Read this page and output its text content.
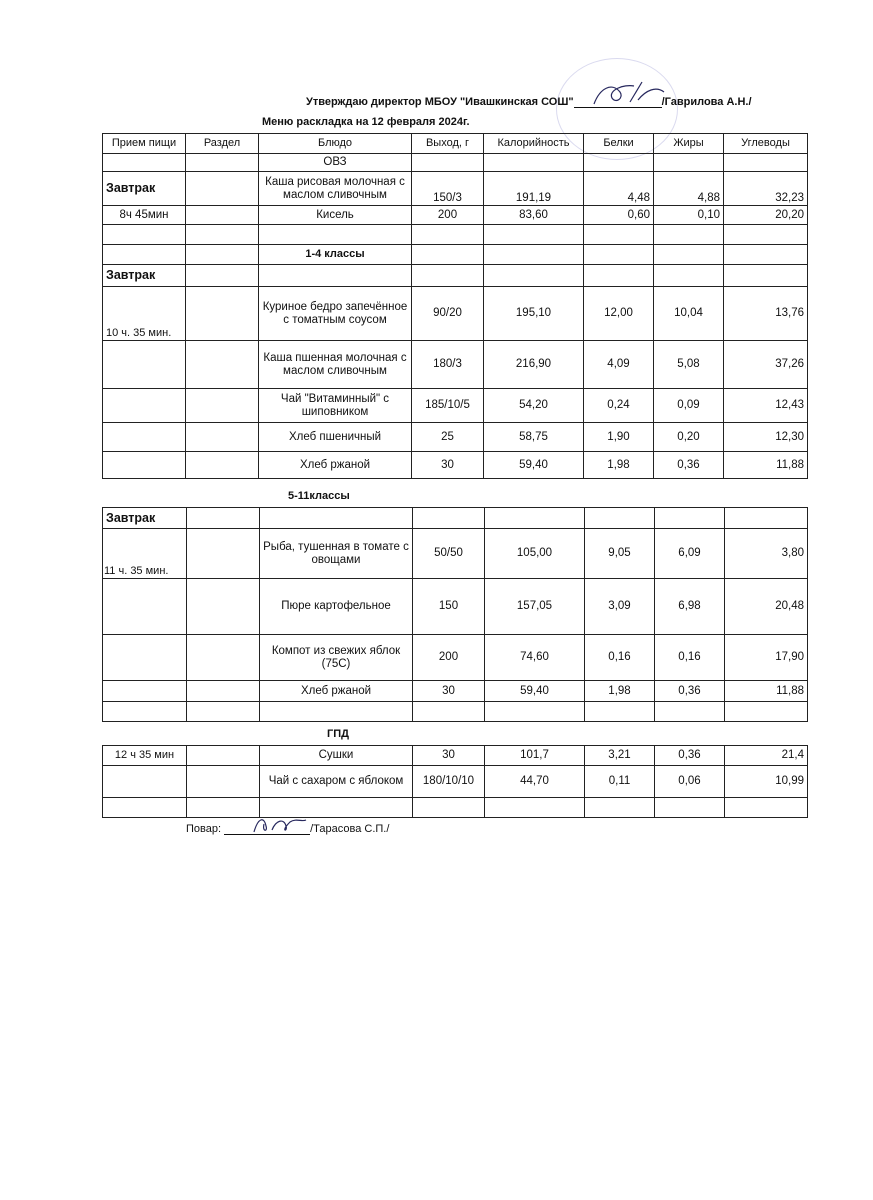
Утверждаю директор МБОУ "Ивашкинская СОШ"	/Гаврилова А.Н./
Меню раскладка на 12 февраля 2024г.
Прием пищи	Раздел	Блюдо	Выход, г	Калорийность	Белки	Жиры	Углеводы
		ОВЗ					
Завтрак		Каша рисовая молочная с маслом сливочным	150/3	191,19	4,48	4,88	32,23
8ч 45мин		Кисель	200	83,60	0,60	0,10	20,20

		1-4 классы					
Завтрак							
10 ч. 35 мин.		Куриное бедро запечённое с томатным соусом	90/20	195,10	12,00	10,04	13,76
		Каша пшенная молочная с маслом сливочным	180/3	216,90	4,09	5,08	37,26
		Чай "Витаминный" с шиповником	185/10/5	54,20	0,24	0,09	12,43
		Хлеб пшеничный	25	58,75	1,90	0,20	12,30
		Хлеб ржаной	30	59,40	1,98	0,36	11,88
5-11классы
Завтрак							
11 ч. 35 мин.		Рыба, тушенная в томате с овощами	50/50	105,00	9,05	6,09	3,80
		Пюре картофельное	150	157,05	3,09	6,98	20,48
		Компот из свежих яблок (75С)	200	74,60	0,16	0,16	17,90
		Хлеб ржаной	30	59,40	1,98	0,36	11,88

ГПД
12 ч 35 мин		Сушки	30	101,7	3,21	0,36	21,4
		Чай с сахаром с яблоком	180/10/10	44,70	0,11	0,06	10,99

Повар:	/Тарасова С.П./
